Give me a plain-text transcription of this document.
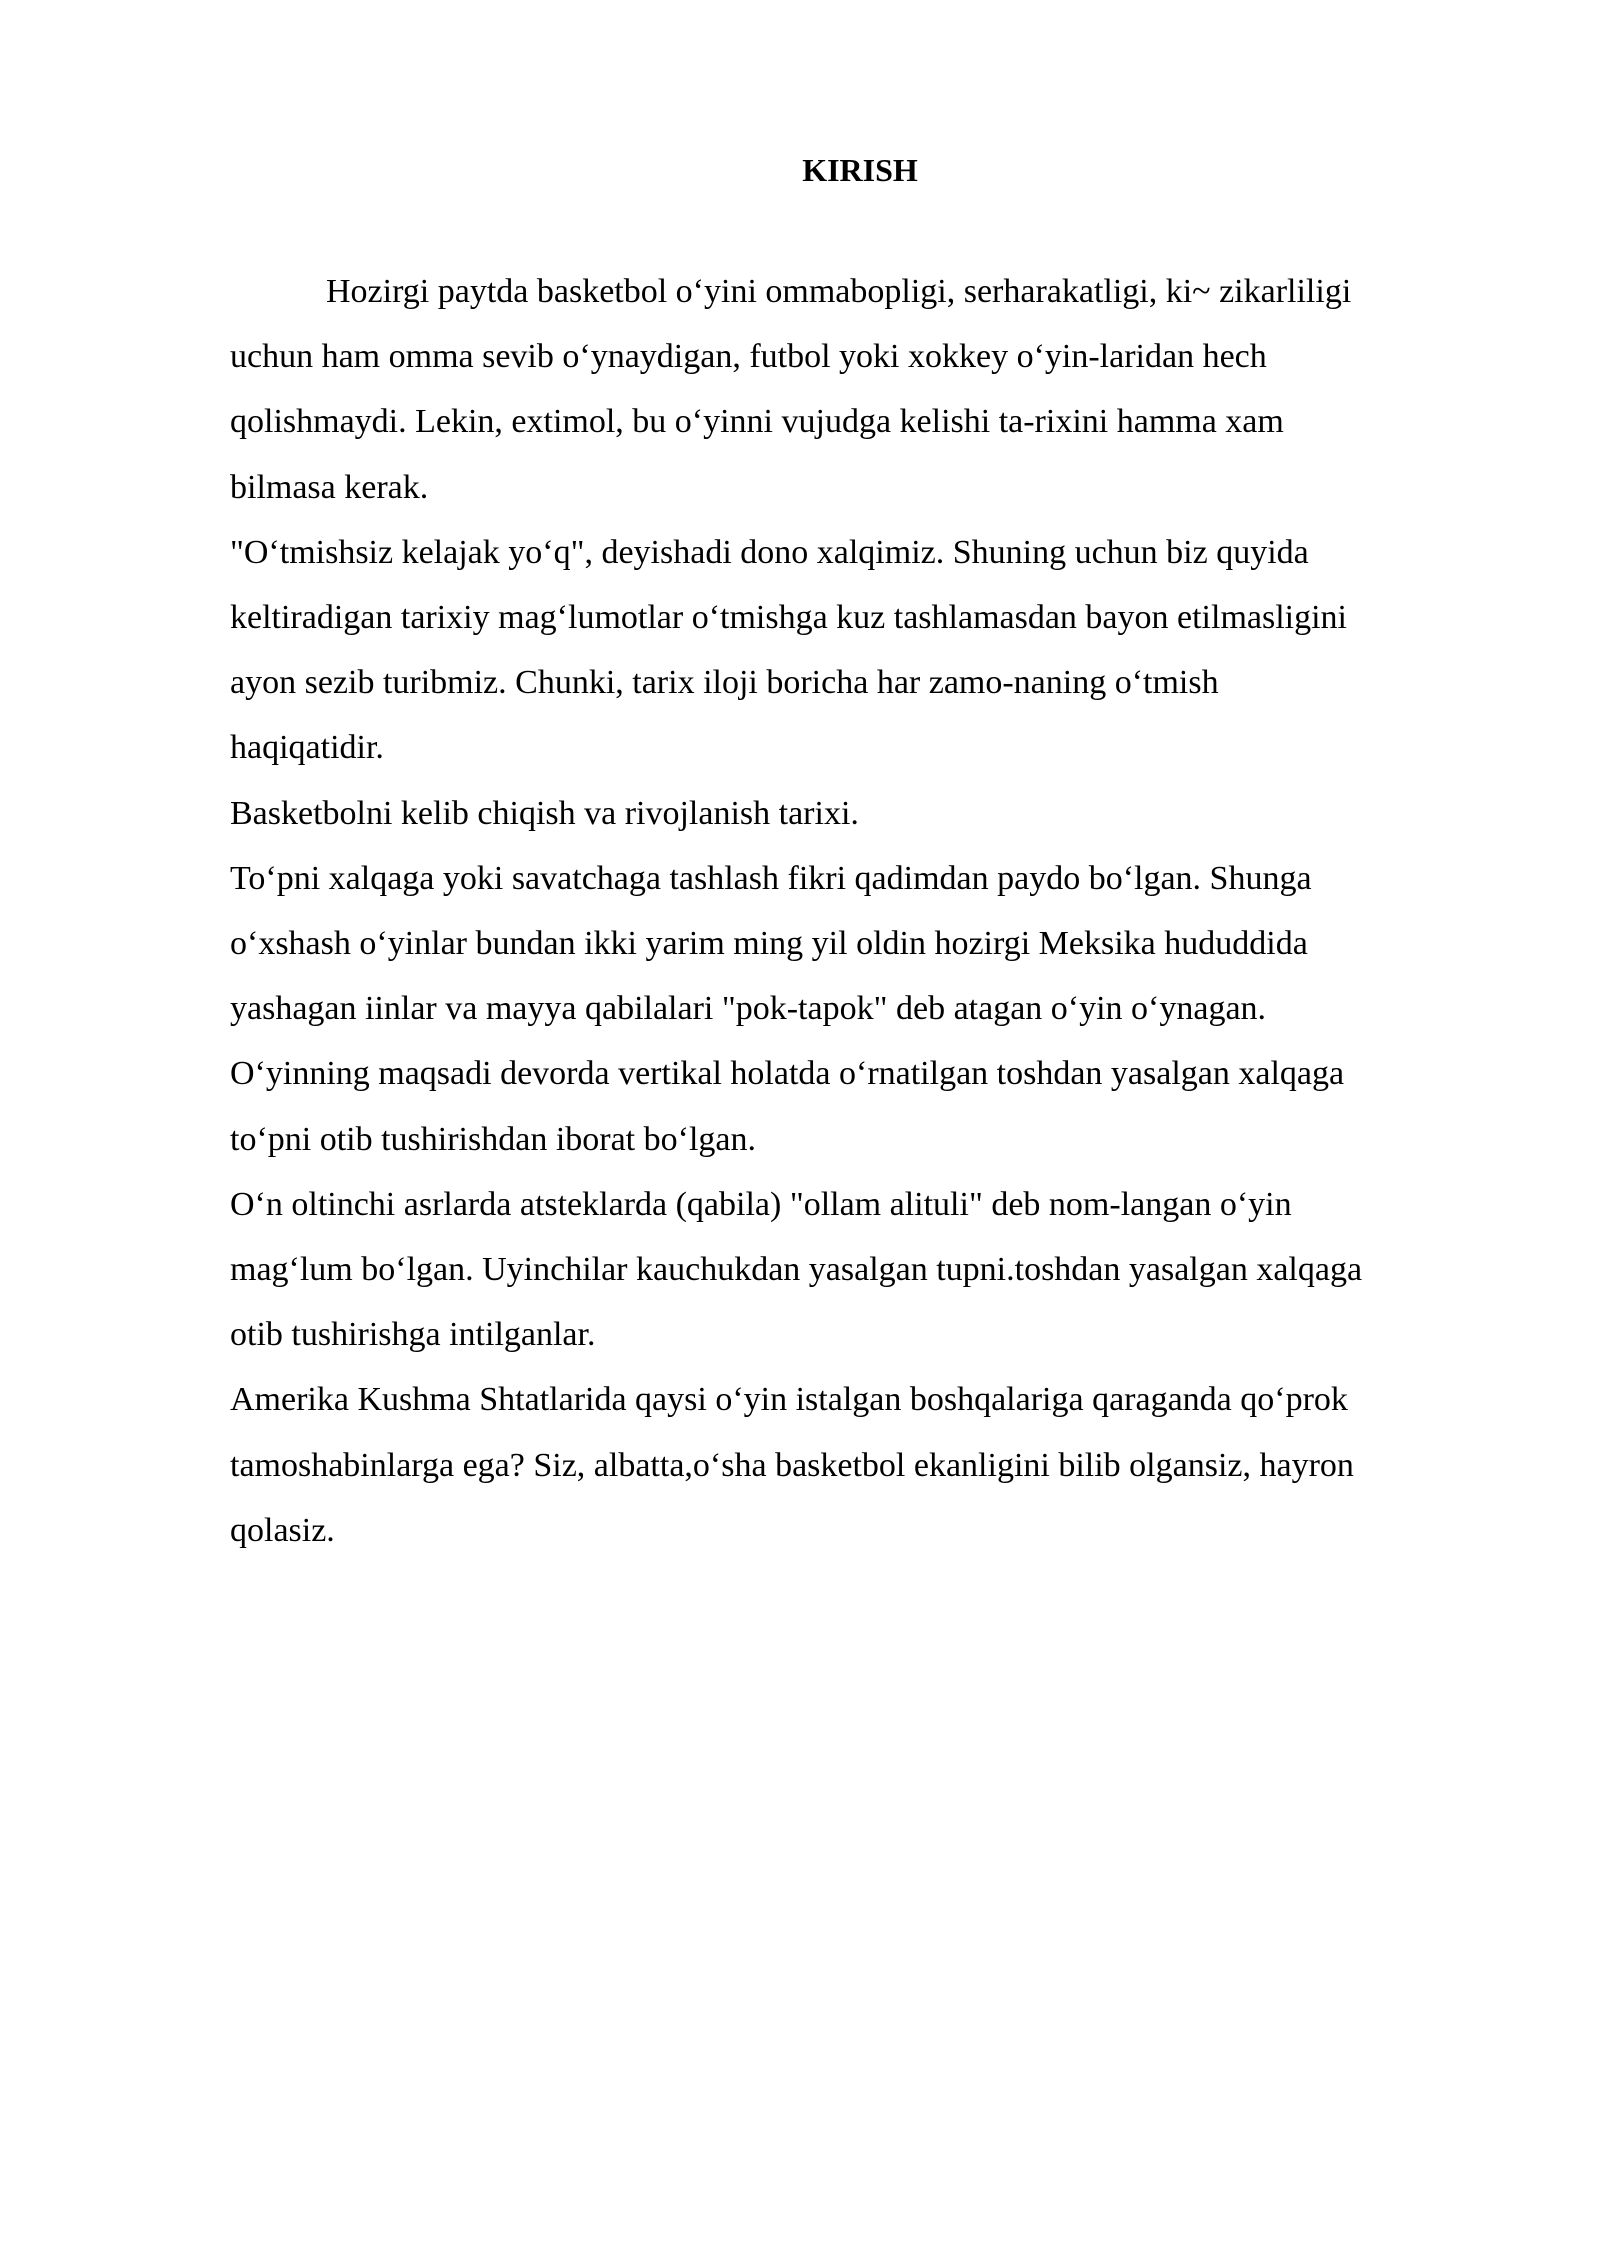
KIRISH

Hozirgi paytda basketbol o‘yini ommabopligi, serharakatligi, ki~ zikarliligi
uchun ham omma sevib o‘ynaydigan, futbol yoki xokkey o‘yin-laridan hech
qolishmaydi. Lekin, extimol, bu o‘yinni vujudga kelishi ta-rixini hamma xam
bilmasa kerak.

"O‘tmishsiz kelajak yo‘q", deyishadi dono xalqimiz. Shuning uchun biz quyida
keltiradigan tarixiy mag‘lumotlar o‘tmishga kuz tashlamasdan bayon etilmasligini
ayon sezib turibmiz. Chunki, tarix iloji boricha har zamo-naning o‘tmish
haqiqatidir.

Basketbolni kelib chiqish va rivojlanish tarixi.

To‘pni xalqaga yoki savatchaga tashlash fikri qadimdan paydo bo‘lgan. Shunga
o‘xshash o‘yinlar bundan ikki yarim ming yil oldin hozirgi Meksika hududdida
yashagan iinlar va mayya qabilalari "pok-tapok" deb atagan o‘yin o‘ynagan.

O‘yinning maqsadi devorda vertikal holatda o‘rnatilgan toshdan yasalgan xalqaga
to‘pni otib tushirishdan iborat bo‘lgan.

O‘n oltinchi asrlarda atsteklarda (qabila) "ollam alituli" deb nom-langan o‘yin
mag‘lum bo‘lgan. Uyinchilar kauchukdan yasalgan tupni.toshdan yasalgan xalqaga
otib tushirishga intilganlar.

Amerika Kushma Shtatlarida qaysi o‘yin istalgan boshqalariga qaraganda qo‘prok
tamoshabinlarga ega? Siz, albatta,o‘sha basketbol ekanligini bilib olgansiz, hayron
qolasiz.
